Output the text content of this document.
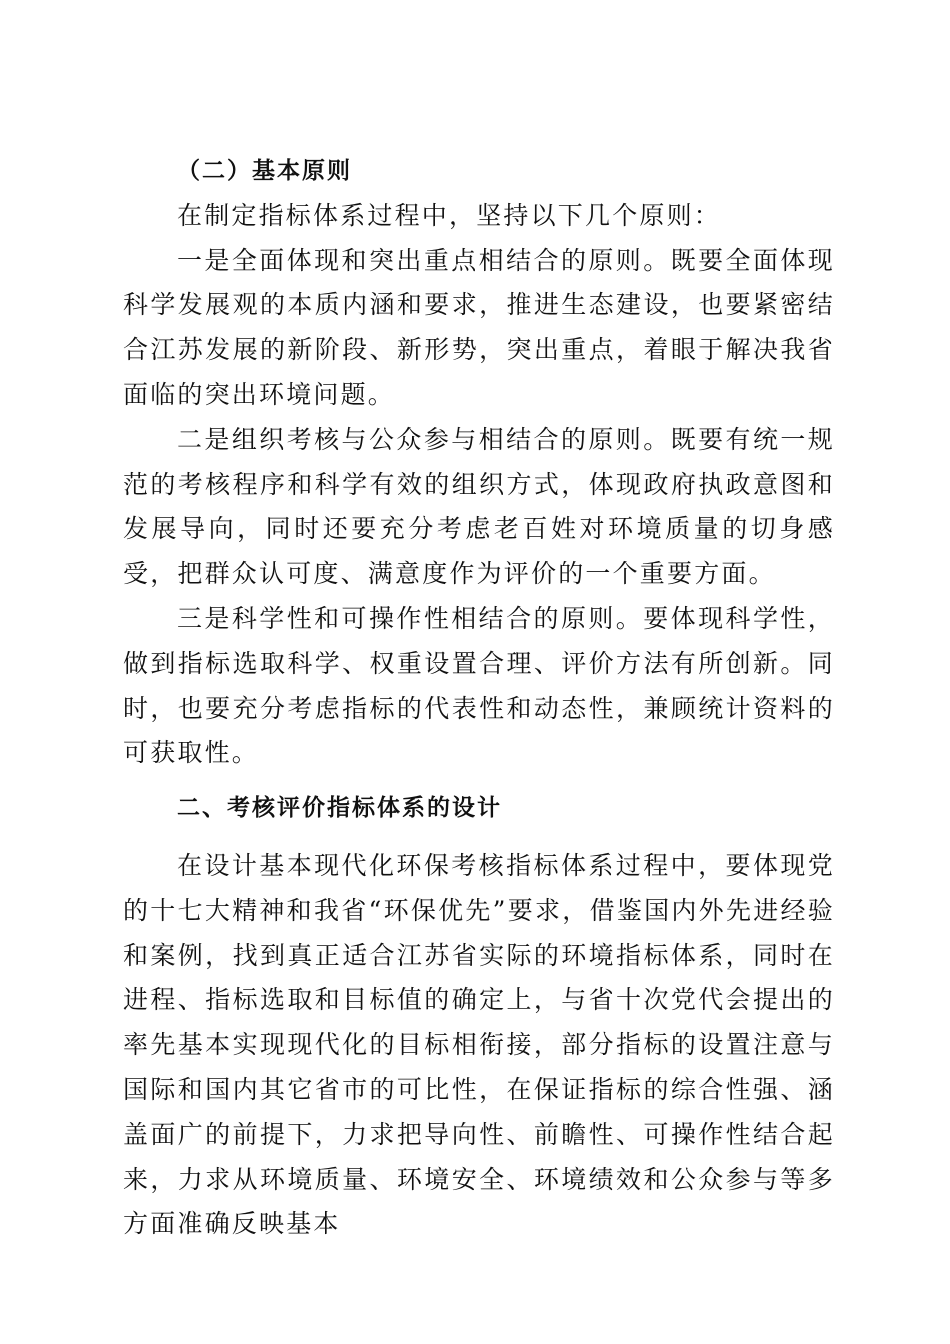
（二）基本原则

在制定指标体系过程中，坚持以下几个原则：

一是全面体现和突出重点相结合的原则。既要全面体现科学发展观的本质内涵和要求，推进生态建设，也要紧密结合江苏发展的新阶段、新形势，突出重点，着眼于解决我省面临的突出环境问题。

二是组织考核与公众参与相结合的原则。既要有统一规范的考核程序和科学有效的组织方式，体现政府执政意图和发展导向，同时还要充分考虑老百姓对环境质量的切身感受，把群众认可度、满意度作为评价的一个重要方面。

三是科学性和可操作性相结合的原则。要体现科学性，做到指标选取科学、权重设置合理、评价方法有所创新。同时，也要充分考虑指标的代表性和动态性，兼顾统计资料的可获取性。

二、考核评价指标体系的设计

在设计基本现代化环保考核指标体系过程中，要体现党的十七大精神和我省“环保优先”要求，借鉴国内外先进经验和案例，找到真正适合江苏省实际的环境指标体系，同时在进程、指标选取和目标值的确定上，与省十次党代会提出的率先基本实现现代化的目标相衔接，部分指标的设置注意与国际和国内其它省市的可比性，在保证指标的综合性强、涵盖面广的前提下，力求把导向性、前瞻性、可操作性结合起来，力求从环境质量、环境安全、环境绩效和公众参与等多方面准确反映基本
